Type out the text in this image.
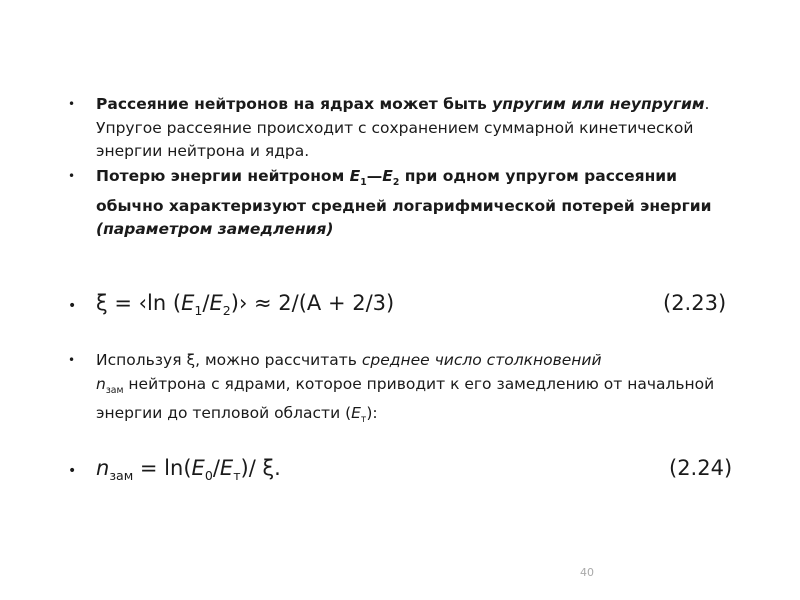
• Рассеяние нейтронов на ядрах может быть упругим или неупругим. Упругое рассеяние происходит с сохранением суммарной кинетической энергии нейтрона и ядра.
• Потерю энергии нейтроном $E_1—E_2$ при одном упругом рассеянии обычно характеризуют средней логарифмической потерей энергии (параметром замедления)
• ξ = ‹ln $(E_1/E_2)› \approx 2/(A + 2/3)$	(2.23)
• Используя ξ, можно рассчитать среднее число столкновений
$n_{зам}$ нейтрона с ядрами, которое приводит к его замедлению от начальной энергии до тепловой области $(E_т)$:
• $n_{зам} = \ln(E_0/E_т)/$ ξ.	(2.24)
40
